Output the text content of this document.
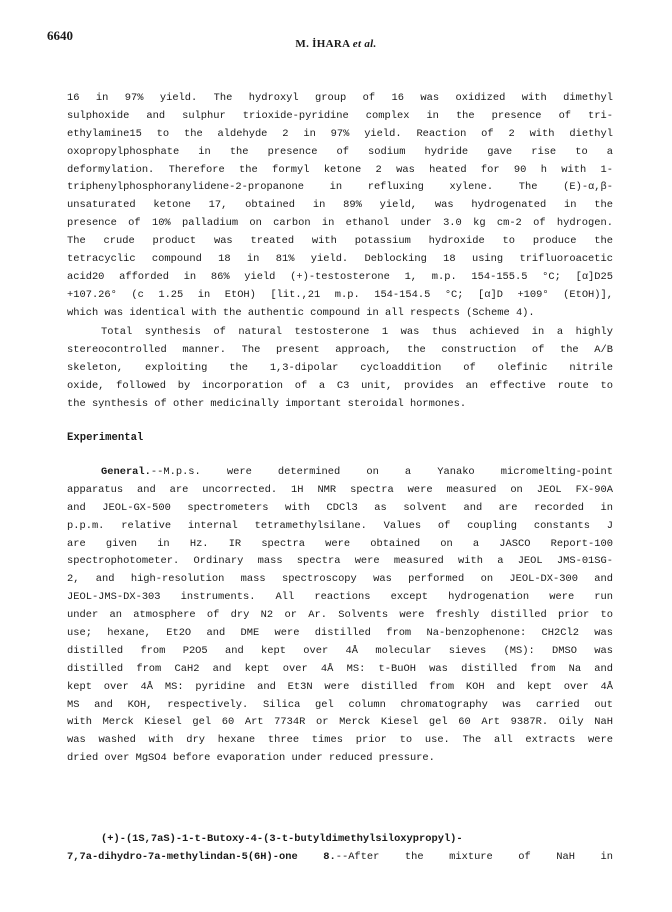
6640
M. İHARA et al.
16 in 97% yield. The hydroxyl group of 16 was oxidized with dimethyl
sulphoxide and sulphur trioxide-pyridine complex in the presence of tri-
ethylamine15 to the aldehyde 2 in 97% yield. Reaction of 2 with diethyl
oxopropylphosphate in the presence of sodium hydride gave rise to a
deformylation. Therefore the formyl ketone 2 was heated for 90 h with 1-
triphenylphosphoranylidene-2-propanone in refluxing xylene. The (E)-α,β-
unsaturated ketone 17, obtained in 89% yield, was hydrogenated in the
presence of 10% palladium on carbon in ethanol under 3.0 kg cm-2 of hydrogen.
The crude product was treated with potassium hydroxide to produce the
tetracyclic compound 18 in 81% yield. Deblocking 18 using trifluoroacetic
acid20 afforded in 86% yield (+)-testosterone 1, m.p. 154-155.5 °C; [α]D25
+107.26° (c 1.25 in EtOH) [lit.,21 m.p. 154-154.5 °C; [α]D +109° (EtOH)],
which was identical with the authentic compound in all respects (Scheme 4).
Total synthesis of natural testosterone 1 was thus achieved in a highly
stereocontrolled manner. The present approach, the construction of the A/B
skeleton, exploiting the 1,3-dipolar cycloaddition of olefinic nitrile
oxide, followed by incorporation of a C3 unit, provides an effective route to
the synthesis of other medicinally important steroidal hormones.
Experimental
General.--M.p.s. were determined on a Yanako micromelting-point
apparatus and are uncorrected. 1H NMR spectra were measured on JEOL FX-90A
and JEOL-GX-500 spectrometers with CDCl3 as solvent and are recorded in
p.p.m. relative internal tetramethylsilane. Values of coupling constants J
are given in Hz. IR spectra were obtained on a JASCO Report-100
spectrophotometer. Ordinary mass spectra were measured with a JEOL JMS-01SG-
2, and high-resolution mass spectroscopy was performed on JEOL-DX-300 and
JEOL-JMS-DX-303 instruments. All reactions except hydrogenation were run
under an atmosphere of dry N2 or Ar. Solvents were freshly distilled prior to
use; hexane, Et2O and DME were distilled from Na-benzophenone: CH2Cl2 was
distilled from P2O5 and kept over 4Å molecular sieves (MS): DMSO was
distilled from CaH2 and kept over 4Å MS: t-BuOH was distilled from Na and
kept over 4Å MS: pyridine and Et3N were distilled from KOH and kept over 4Å
MS and KOH, respectively. Silica gel column chromatography was carried out
with Merck Kiesel gel 60 Art 7734R or Merck Kiesel gel 60 Art 9387R. Oily NaH
was washed with dry hexane three times prior to use. The all extracts were
dried over MgSO4 before evaporation under reduced pressure.
(+)-(1S,7aS)-1-t-Butoxy-4-(3-t-butyldimethylsiloxypropyl)-
7,7a-dihydro-7a-methylindan-5(6H)-one 8.--After the mixture of NaH in
